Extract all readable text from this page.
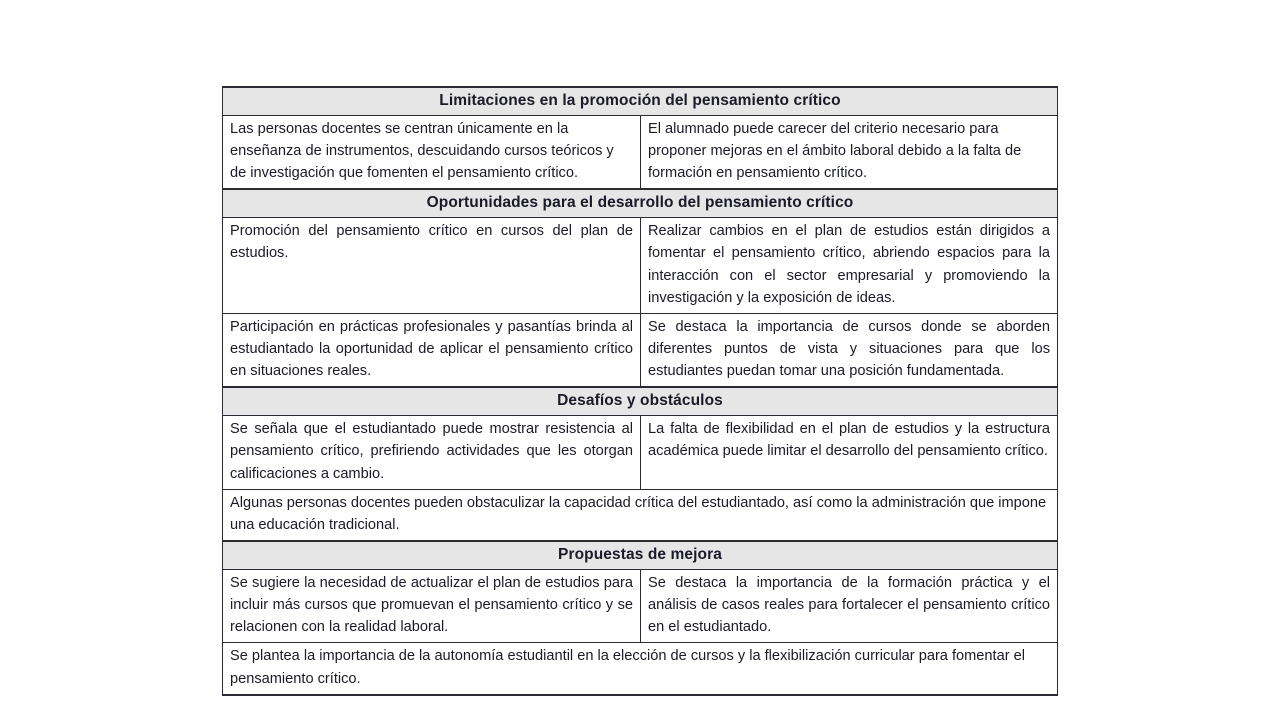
Limitaciones en la promoción del pensamiento crítico	

Las personas docentes se centran únicamente en la enseñanza de instrumentos, descuidando cursos teóricos y de investigación que fomenten el pensamiento crítico.	El alumnado puede carecer del criterio necesario para proponer mejoras en el ámbito laboral debido a la falta de formación en pensamiento crítico.

Oportunidades para el desarrollo del pensamiento crítico	

Promoción del pensamiento crítico en cursos del plan de estudios.	Realizar cambios en el plan de estudios están dirigidos a fomentar el pensamiento crítico, abriendo espacios para la interacción con el sector empresarial y promoviendo la investigación y la exposición de ideas.

Participación en prácticas profesionales y pasantías brinda al estudiantado la oportunidad de aplicar el pensamiento crítico en situaciones reales.	Se destaca la importancia de cursos donde se aborden diferentes puntos de vista y situaciones para que los estudiantes puedan tomar una posición fundamentada.

Desafíos y obstáculos	

Se señala que el estudiantado puede mostrar resistencia al pensamiento crítico, prefiriendo actividades que les otorgan calificaciones a cambio.	La falta de flexibilidad en el plan de estudios y la estructura académica puede limitar el desarrollo del pensamiento crítico.

Algunas personas docentes pueden obstaculizar la capacidad crítica del estudiantado, así como la administración que impone una educación tradicional.	

Propuestas de mejora	

Se sugiere la necesidad de actualizar el plan de estudios para incluir más cursos que promuevan el pensamiento crítico y se relacionen con la realidad laboral.	Se destaca la importancia de la formación práctica y el análisis de casos reales para fortalecer el pensamiento crítico en el estudiantado.

Se plantea la importancia de la autonomía estudiantil en la elección de cursos y la flexibilización curricular para fomentar el pensamiento crítico.	
